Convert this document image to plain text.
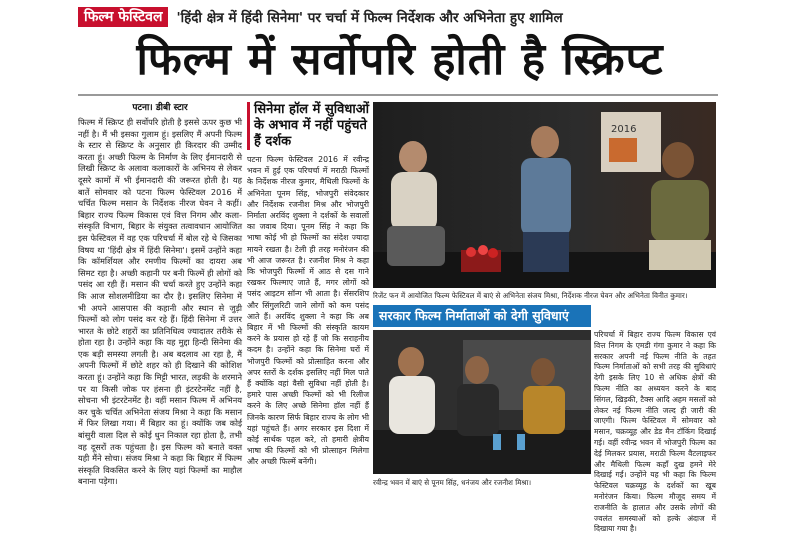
फिल्म फेस्टिवल	'हिंदी क्षेत्र में हिंदी सिनेमा' पर चर्चा में फिल्म निर्देशक और अभिनेता हुए शामिल
फिल्म में सर्वोपरि होती है स्क्रिप्ट
पटना। डीबी स्टार
फिल्म में स्क्रिप्ट ही सर्वोपरि होती है इससे ऊपर कुछ भी नहीं है। मैं भी इसका गुलाम हूं। इसलिए मैं अपनी फिल्म के स्टार से स्क्रिप्ट के अनुसार ही किरदार की उम्मीद करता हूं। अच्छी फिल्म के निर्माण के लिए ईमानदारी से लिखी स्क्रिप्ट के अलावा कलाकारों के अभिनय से लेकर दूसरे कामों में भी ईमानदारी की जरूरत होती है। यह बातें सोमवार को पटना फिल्म फेस्टिवल 2016 में चर्चित फिल्म मसान के निर्देशक नीरज घेवन ने कहीं। बिहार राज्य फिल्म विकास एवं वित्त निगम और कला-संस्कृति विभाग, बिहार के संयुक्त तत्वावधान आयोजित इस फेस्टिवल में वह एक परिचर्चा में बोल रहे थे जिसका विषय था 'हिंदी क्षेत्र में हिंदी सिनेमा'। इसमें उन्होंने कहा कि कॉमर्शियल और रमणीय फिल्मों का दायरा अब सिमट रहा है। अच्छी कहानी पर बनी फिल्में ही लोगों को पसंद आ रही हैं। मसान की चर्चा करते हुए उन्होंने कहा कि आज सोशलमीडिया का दौर है। इसलिए सिनेमा में भी अपने आसपास की कहानी और स्थान से जुड़ी फिल्मों को लोग पसंद कर रहे हैं। हिंदी सिनेमा में उत्तर भारत के छोटे शहरों का प्रतिनिधित्व ज्यादातर तरीके से होता रहा है। उन्होंने कहा कि यह मुद्दा हिन्दी सिनेमा की एक बड़ी समस्या लगती है। अब बदलाव आ रहा है, मैं अपनी फिल्मों में छोटे शहर को ही दिखाने की कोशिश करता हूं। उन्होंने कहा कि मिट्टी भारत, लड़की के शरमाने पर या किसी जोक पर हंसना ही इंटरटेनमेंट नहीं है, सोचना भी इंटरटेनमेंट है। वहीं मसान फिल्म में अभिनय कर चुके चर्चित अभिनेता संजय मिश्रा ने कहा कि मसान में फिर लिखा गया। मैं बिहार का हूं। क्योंकि जब कोई बांसुरी वाला दिल से कोई धुन निकाल रहा होता है, तभी वह दूसरों तक पहुंचता है। इस फिल्म को बनाते वक्त यही मैंने सोचा। संजय मिश्रा ने कहा कि बिहार में फिल्म संस्कृति विकसित करने के लिए यहां फिल्मों का माहौल बनाना पड़ेगा।
सिनेमा हॉल में सुविधाओं के अभाव में नहीं पहुंचते हैं दर्शक
पटना फिल्म फेस्टिवल 2016 में रवीन्द्र भवन में हुई एक परिचर्चा में मराठी फिल्मों के निर्देशक नीरज कुमार, मैथिली फिल्मों के अभिनेता पूनम सिंह, भोजपुरी संवेदकार और निर्देशक रजनीश मिश्र और भोजपुरी निर्माता अरविंद शुक्ला ने दर्शकों के सवालों का जवाब दिया। पूनम सिंह ने कहा कि भाषा कोई भी हो फिल्मों का संदेश ज्यादा मायने रखता है। टेली ही तरह मनोरंजन की भी आज जरूरत है। रजनीश मिश्र ने कहा कि भोजपुरी फिल्मों में आठ से दस गाने रखकर फिल्माए जाते हैं, मगर लोगों को पसंद आइटम सॉन्ग भी आता है। सेंसरशिप और सिंगुलरिटी जाने लोगों को कम पसंद आते हैं। अरविंद शुक्ला ने कहा कि अब बिहार में भी फिल्मों की संस्कृति कायम करने के प्रयास हो रहे हैं जो कि सराहनीय कदम है। उन्होंने कहा कि सिनेमा घरों में भोजपुरी फिल्मों को प्रोत्साहित करना और अपर स्तरों के दर्शक इसलिए नहीं मिल पाते हैं क्योंकि वहां वैसी सुविधा नहीं होती है। हमारे पास अच्छी फिल्मों को भी रिलीज करने के लिए अच्छे सिनेमा हॉल नहीं हैं जिनके कारण सिर्फ बिहार राज्य के लोग भी यहां पहुंचते हैं। अगर सरकार इस दिशा में कोई सार्थक पहल करे, तो हमारी क्षेत्रीय भाषा की फिल्मों को भी प्रोत्साहन मिलेगा और अच्छी फिल्में बनेंगी।
2016
रिजेंट फन में आयोजित फिल्म फेस्टिवल में बाएं से अभिनेता संजय मिश्रा, निर्देशक नीरज घेवन और अभिनेता विनीत कुमार।
सरकार फिल्म निर्माताओं को देगी सुविधाएं
रवीन्द्र भवन में बाएं से पूनम सिंह, धनंजय और रजनीश मिश्रा।
परिचर्चा में बिहार राज्य फिल्म विकास एवं वित्त निगम के एमडी गंगा कुमार ने कहा कि सरकार अपनी नई फिल्म नीति के तहत फिल्म निर्माताओं को सभी तरह की सुविधाएं देगी इसके लिए 10 से अधिक क्षेत्रों की फिल्म नीति का अध्ययन करने के बाद सिंगल, खिड़की, टैक्स आदि अहम मसलों को लेकर नई फिल्म नीति जल्द ही जारी की जाएगी। फिल्म फेस्टिवल में सोमवार को मसान, चक्रव्यूह और डेड मैन टॉकिंग दिखाई गई। वहीं रवीन्द्र भवन में भोजपुरी फिल्म का देई मिलकर प्रयास, मराठी फिल्म वैटलाइफर और मैथिली फिल्म कहाँ दुख हमने मेरे दिखाई गईं। उन्होंने यह भी कहा कि फिल्म फेस्टिवल चक्रव्यूह के दर्शकों का खूब मनोरंजन किया। फिल्म मौजूद समय में राजनीति के हालात और उसके लोगों की ज्वलंत समस्याओं को हल्के अंदाज में दिखाया गया है।
